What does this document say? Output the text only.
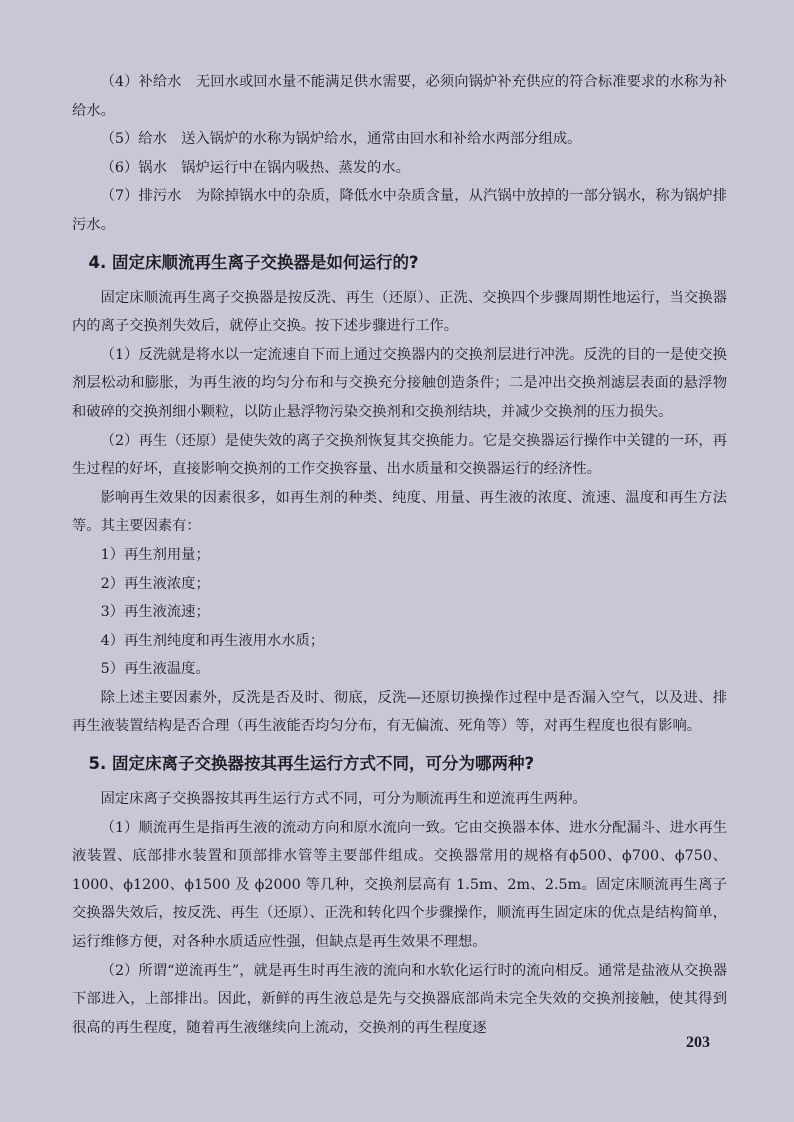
（4）补给水　无回水或回水量不能满足供水需要，必须向锅炉补充供应的符合标准要求的水称为补给水。

（5）给水　送入锅炉的水称为锅炉给水，通常由回水和补给水两部分组成。

（6）锅水　锅炉运行中在锅内吸热、蒸发的水。

（7）排污水　为除掉锅水中的杂质，降低水中杂质含量，从汽锅中放掉的一部分锅水，称为锅炉排污水。

4. 固定床顺流再生离子交换器是如何运行的?

固定床顺流再生离子交换器是按反洗、再生（还原）、正洗、交换四个步骤周期性地运行，当交换器内的离子交换剂失效后，就停止交换。按下述步骤进行工作。

（1）反洗就是将水以一定流速自下而上通过交换器内的交换剂层进行冲洗。反洗的目的一是使交换剂层松动和膨胀，为再生液的均匀分布和与交换充分接触创造条件；二是冲出交换剂滤层表面的悬浮物和破碎的交换剂细小颗粒，以防止悬浮物污染交换剂和交换剂结块，并减少交换剂的压力损失。

（2）再生（还原）是使失效的离子交换剂恢复其交换能力。它是交换器运行操作中关键的一环，再生过程的好坏，直接影响交换剂的工作交换容量、出水质量和交换器运行的经济性。

影响再生效果的因素很多，如再生剂的种类、纯度、用量、再生液的浓度、流速、温度和再生方法等。其主要因素有：

1）再生剂用量；

2）再生液浓度；

3）再生液流速；

4）再生剂纯度和再生液用水水质；

5）再生液温度。

除上述主要因素外，反洗是否及时、彻底，反洗—还原切换操作过程中是否漏入空气，以及进、排再生液装置结构是否合理（再生液能否均匀分布，有无偏流、死角等）等，对再生程度也很有影响。

5. 固定床离子交换器按其再生运行方式不同，可分为哪两种?

固定床离子交换器按其再生运行方式不同，可分为顺流再生和逆流再生两种。

（1）顺流再生是指再生液的流动方向和原水流向一致。它由交换器本体、进水分配漏斗、进水再生液装置、底部排水装置和顶部排水管等主要部件组成。交换器常用的规格有ϕ500、ϕ700、ϕ750、1000、ϕ1200、ϕ1500 及 ϕ2000 等几种，交换剂层高有 1.5m、2m、2.5m。固定床顺流再生离子交换器失效后，按反洗、再生（还原）、正洗和转化四个步骤操作，顺流再生固定床的优点是结构简单，运行维修方便，对各种水质适应性强，但缺点是再生效果不理想。

（2）所谓“逆流再生”，就是再生时再生液的流向和水软化运行时的流向相反。通常是盐液从交换器下部进入，上部排出。因此，新鲜的再生液总是先与交换器底部尚未完全失效的交换剂接触，使其得到很高的再生程度，随着再生液继续向上流动，交换剂的再生程度逐

203
